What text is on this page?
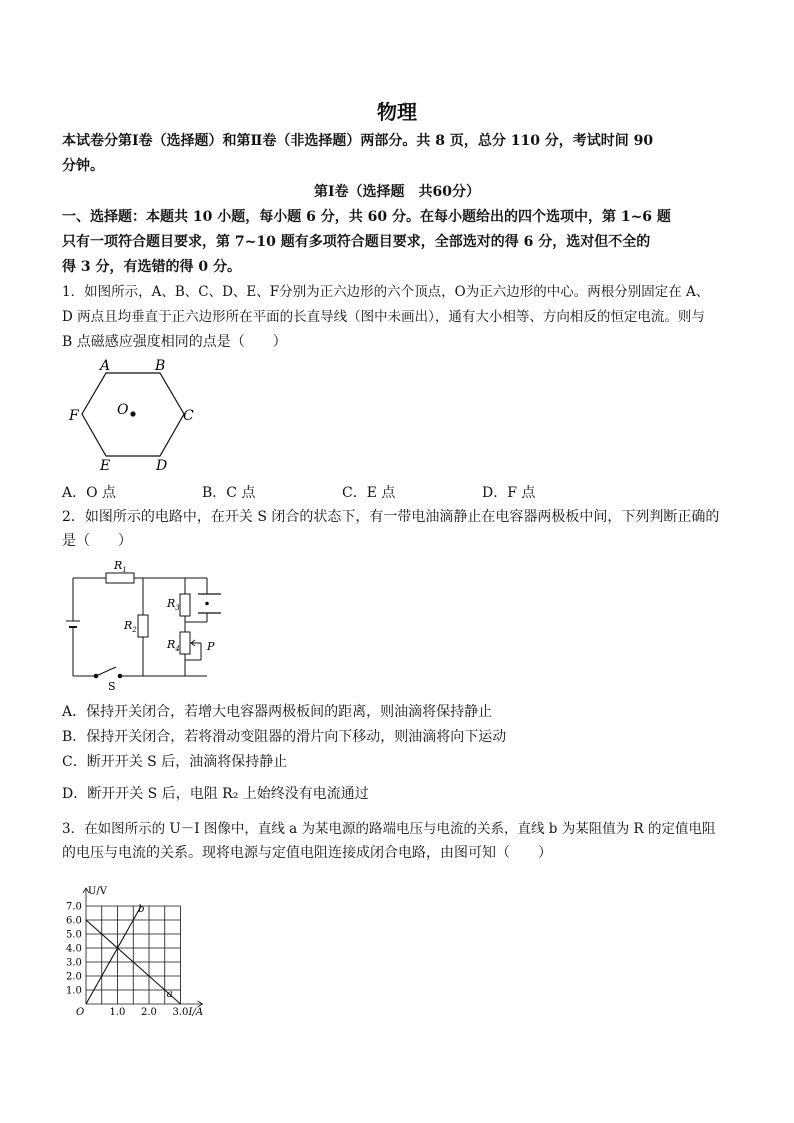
物理
本试卷分第Ⅰ卷（选择题）和第Ⅱ卷（非选择题）两部分。共 8 页，总分 110 分，考试时间 90
分钟。
第Ⅰ卷（选择题　共60分）
一、选择题：本题共 10 小题，每小题 6 分，共 60 分。在每小题给出的四个选项中，第 1~6 题
只有一项符合题目要求，第 7~10 题有多项符合题目要求，全部选对的得 6 分，选对但不全的
得 3 分，有选错的得 0 分。
1．如图所示，A、B、C、D、E、F分别为正六边形的六个顶点，O为正六边形的中心。两根分别固定在 A、
D 两点且均垂直于正六边形所在平面的长直导线（图中未画出），通有大小相等、方向相反的恒定电流。则与
B 点磁感应强度相同的点是（　　）
A	B
C
D
E
F	O
A．O 点	B．C 点	C．E 点	D．F 点
2．如图所示的电路中，在开关 S 闭合的状态下，有一带电油滴静止在电容器两极板中间，下列判断正确的
是（　　）
$R_1$
$R_2$
$R_3$
$R_4$ P
S
A．保持开关闭合，若增大电容器两极板间的距离，则油滴将保持静止
B．保持开关闭合，若将滑动变阻器的滑片向下移动，则油滴将向下运动
C．断开开关 S 后，油滴将保持静止
D．断开开关 S 后，电阻 R₂ 上始终没有电流通过
3．在如图所示的 U－I 图像中，直线 a 为某电源的路端电压与电流的关系，直线 b 为某阻值为 R 的定值电阻
的电压与电流的关系。现将电源与定值电阻连接成闭合电路，由图可知（　　）
1.0
2.0
3.0
4.0
5.0
6.0
7.0
1.0 2.0 3.0
U/V
I/A
O
b
a
